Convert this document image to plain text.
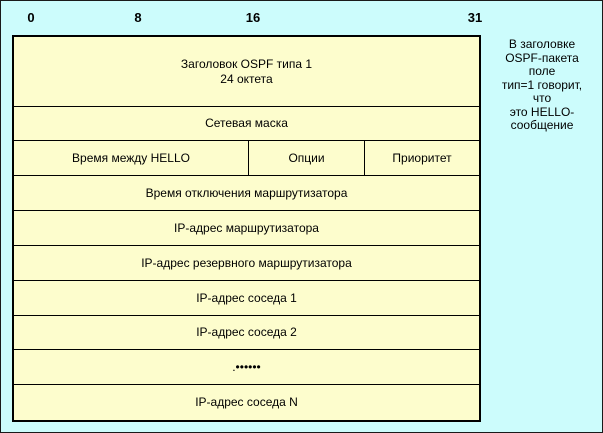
0	8	16	31
Заголовок OSPF типа 1
24 октета
Сетевая маска
Время между HELLO	Опции	Приоритет
Время отключения маршрутизатора
IP-адрес маршрутизатора
IP-адрес резервного маршрутизатора
IP-адрес соседа 1
IP-адрес соседа 2
.••••••
IP-адрес соседа N
В заголовке
OSPF-пакета
поле
тип=1 говорит,
что
это HELLO-
сообщение
